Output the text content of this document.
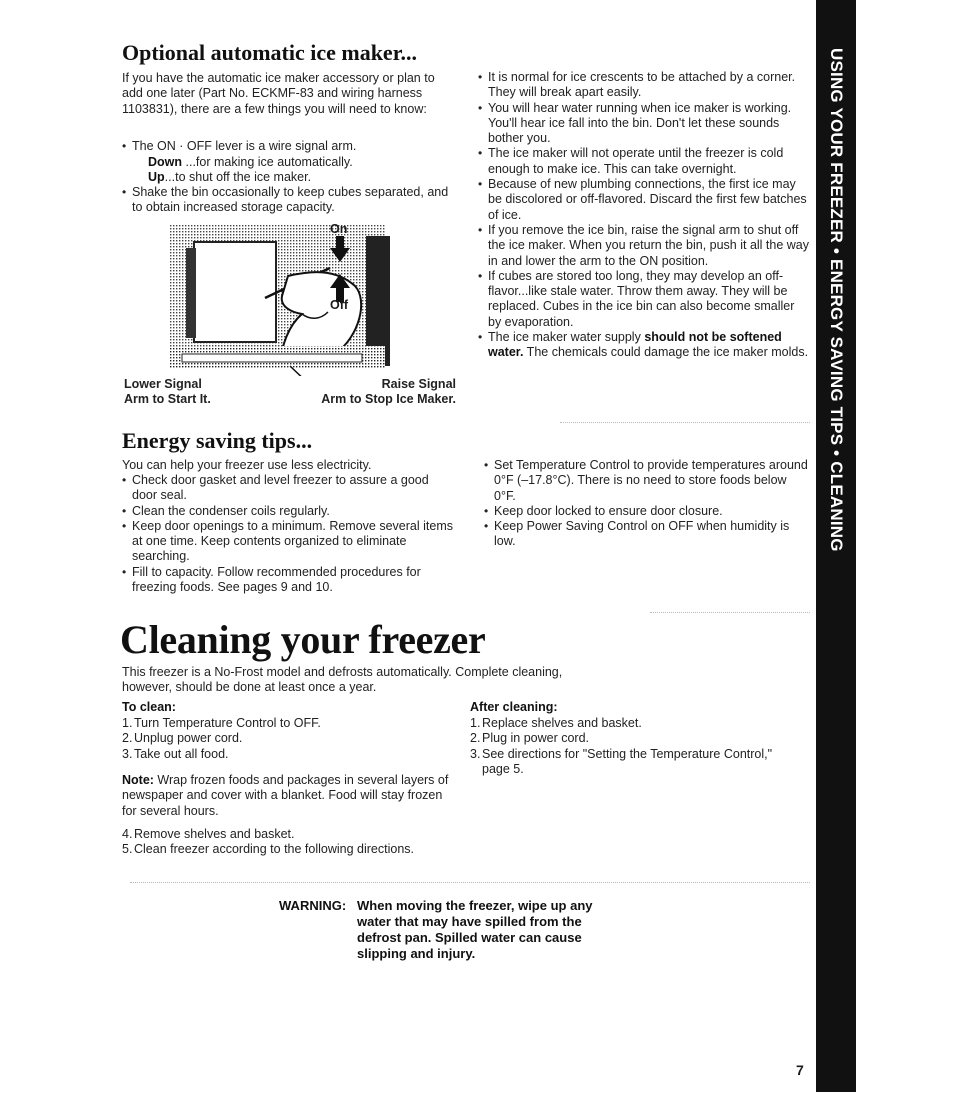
USING YOUR FREEZER • ENERGY SAVING TIPS • CLEANING
Optional automatic ice maker...

If you have the automatic ice maker accessory or plan to add one later (Part No. ECKMF-83 and wiring harness 1103831), there are a few things you will need to know:

• The ON · OFF lever is a wire signal arm.

Down ...for making ice automatically.

Up...to shut off the ice maker.

• Shake the bin occasionally to keep cubes separated, and to obtain increased storage capacity.
On
Off
Lower Signal
Arm to Start It.
Raise Signal
Arm to Stop Ice Maker.
• It is normal for ice crescents to be attached by a corner. They will break apart easily.
• You will hear water running when ice maker is working. You'll hear ice fall into the bin. Don't let these sounds bother you.
• The ice maker will not operate until the freezer is cold enough to make ice. This can take overnight.
• Because of new plumbing connections, the first ice may be discolored or off-flavored. Discard the first few batches of ice.
• If you remove the ice bin, raise the signal arm to shut off the ice maker. When you return the bin, push it all the way in and lower the arm to the ON position.
• If cubes are stored too long, they may develop an off-flavor...like stale water. Throw them away. They will be replaced. Cubes in the ice bin can also become smaller by evaporation.
• The ice maker water supply should not be softened water. The chemicals could damage the ice maker molds.
Energy saving tips...

You can help your freezer use less electricity.

• Check door gasket and level freezer to assure a good door seal.
• Clean the condenser coils regularly.
• Keep door openings to a minimum. Remove several items at one time. Keep contents organized to eliminate searching.
• Fill to capacity. Follow recommended procedures for freezing foods. See pages 9 and 10.
• Set Temperature Control to provide temperatures around 0°F (–17.8°C). There is no need to store foods below 0°F.
• Keep door locked to ensure door closure.
• Keep Power Saving Control on OFF when humidity is low.
Cleaning your freezer

This freezer is a No-Frost model and defrosts automatically. Complete cleaning, however, should be done at least once a year.

To clean:
1. Turn Temperature Control to OFF.
2. Unplug power cord.
3. Take out all food.

Note: Wrap frozen foods and packages in several layers of newspaper and cover with a blanket. Food will stay frozen for several hours.

4. Remove shelves and basket.
5. Clean freezer according to the following directions.
After cleaning:
1. Replace shelves and basket.
2. Plug in power cord.
3. See directions for "Setting the Temperature Control," page 5.
WARNING: When moving the freezer, wipe up any water that may have spilled from the defrost pan. Spilled water can cause slipping and injury.
7
